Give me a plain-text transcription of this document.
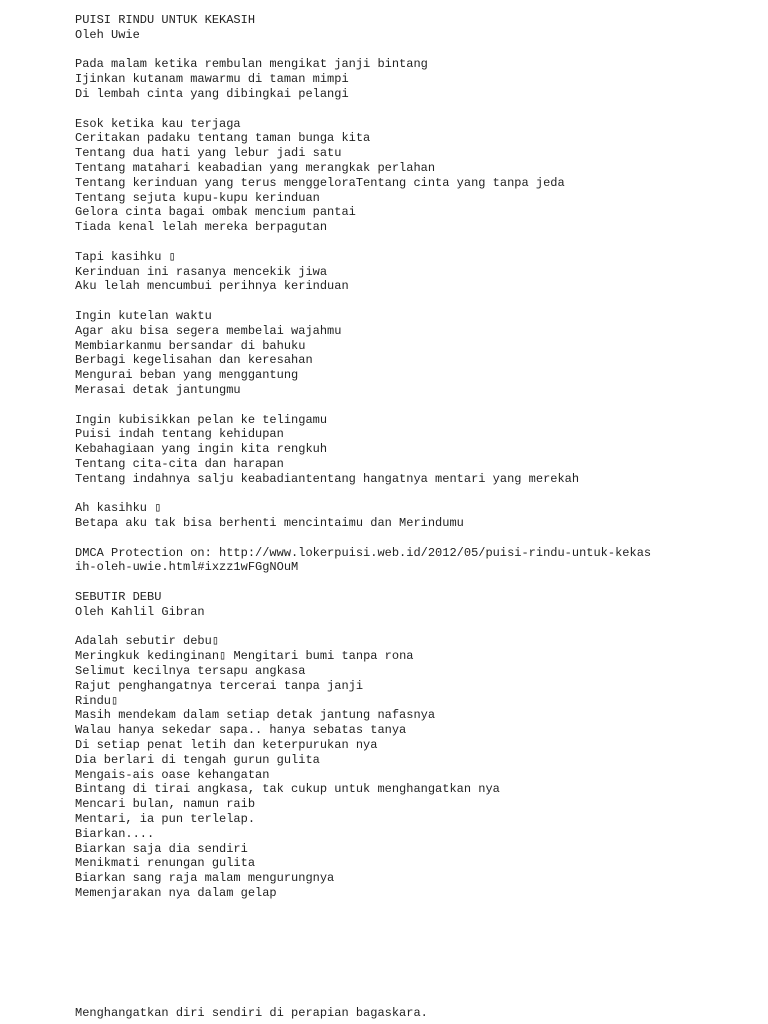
PUISI RINDU UNTUK KEKASIH
Oleh Uwie
Pada malam ketika rembulan mengikat janji bintang
Ijinkan kutanam mawarmu di taman mimpi
Di lembah cinta yang dibingkai pelangi
Esok ketika kau terjaga
Ceritakan padaku tentang taman bunga kita
Tentang dua hati yang lebur jadi satu
Tentang matahari keabadian yang merangkak perlahan
Tentang kerinduan yang terus menggeloraTentang cinta yang tanpa jeda
Tentang sejuta kupu-kupu kerinduan
Gelora cinta bagai ombak mencium pantai
Tiada kenal lelah mereka berpagutan
Tapi kasihku ▯
Kerinduan ini rasanya mencekik jiwa
Aku lelah mencumbui perihnya kerinduan
Ingin kutelan waktu
Agar aku bisa segera membelai wajahmu
Membiarkanmu bersandar di bahuku
Berbagi kegelisahan dan keresahan
Mengurai beban yang menggantung
Merasai detak jantungmu
Ingin kubisikkan pelan ke telingamu
Puisi indah tentang kehidupan
Kebahagiaan yang ingin kita rengkuh
Tentang cita-cita dan harapan
Tentang indahnya salju keabadiantentang hangatnya mentari yang merekah
Ah kasihku ▯
Betapa aku tak bisa berhenti mencintaimu dan Merindumu
DMCA Protection on: http://www.lokerpuisi.web.id/2012/05/puisi-rindu-untuk-kekas
ih-oleh-uwie.html#ixzz1wFGgNOuM
SEBUTIR DEBU
Oleh Kahlil Gibran
Adalah sebutir debu▯
Meringkuk kedinginan▯ Mengitari bumi tanpa rona
Selimut kecilnya tersapu angkasa
Rajut penghangatnya tercerai tanpa janji
Rindu▯
Masih mendekam dalam setiap detak jantung nafasnya
Walau hanya sekedar sapa.. hanya sebatas tanya
Di setiap penat letih dan keterpurukan nya
Dia berlari di tengah gurun gulita
Mengais-ais oase kehangatan
Bintang di tirai angkasa, tak cukup untuk menghangatkan nya
Mencari bulan, namun raib
Mentari, ia pun terlelap.
Biarkan....
Biarkan saja dia sendiri
Menikmati renungan gulita
Biarkan sang raja malam mengurungnya
Memenjarakan nya dalam gelap
Menghangatkan diri sendiri di perapian bagaskara.
